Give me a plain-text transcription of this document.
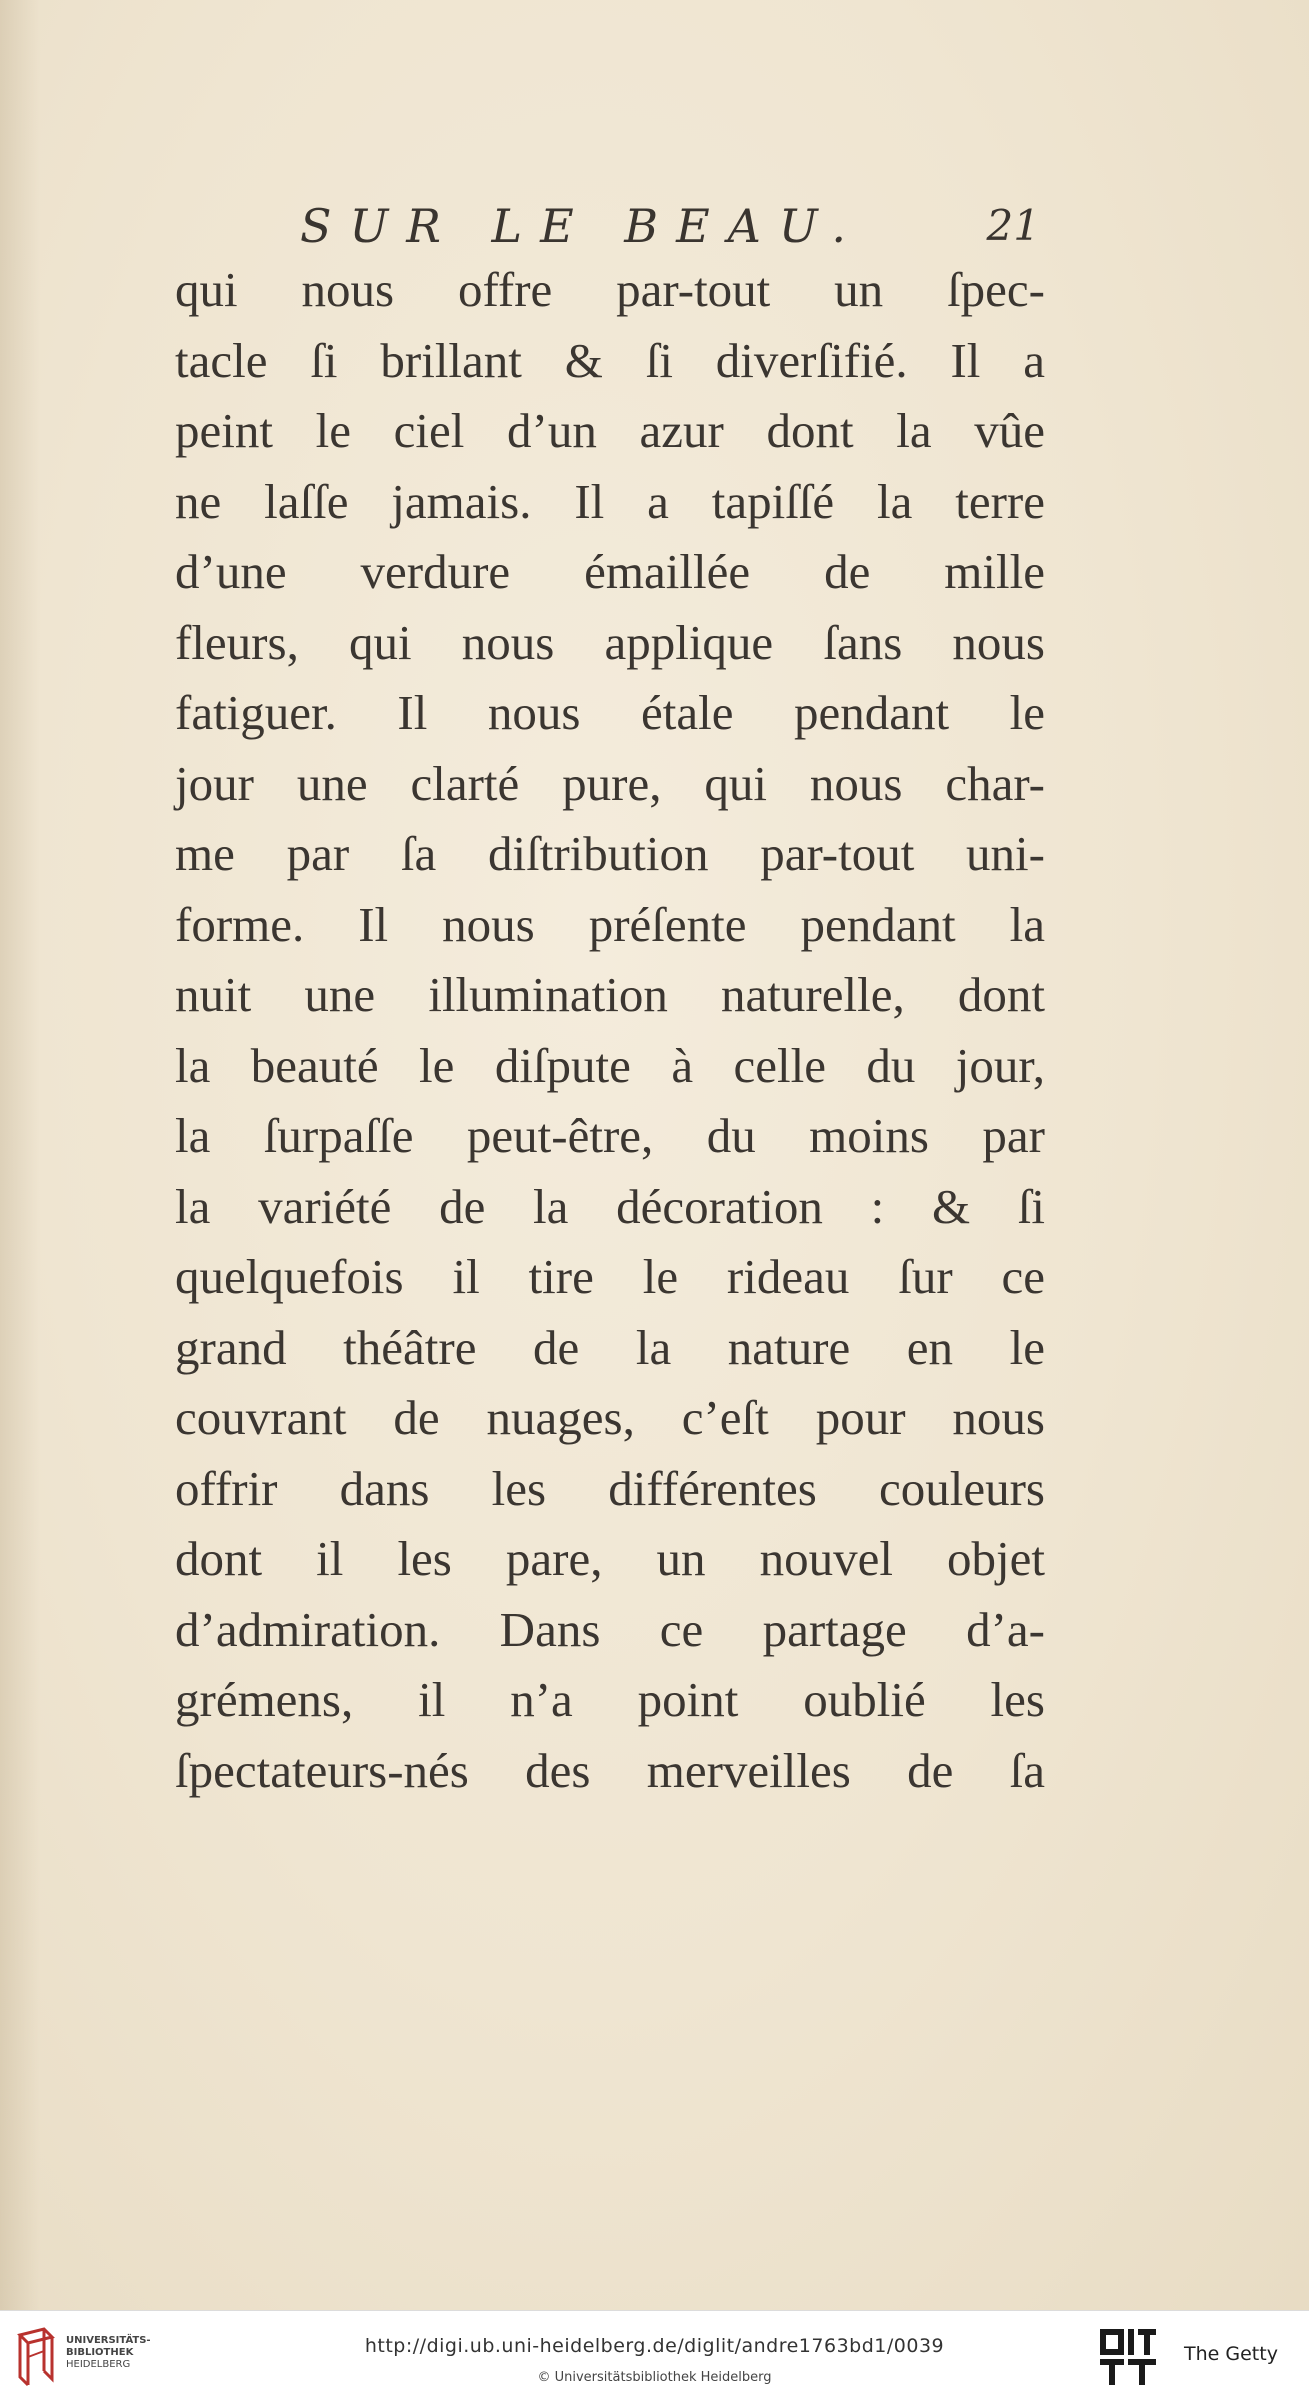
SUR LE BEAU.	21
qui nous offre par-tout un ſpec-
tacle ſi brillant & ſi diverſifié. Il a
peint le ciel d’un azur dont la vûe
ne laſſe jamais. Il a tapiſſé la terre
d’une verdure émaillée de mille
fleurs, qui nous applique ſans nous
fatiguer. Il nous étale pendant le
jour une clarté pure, qui nous char-
me par ſa diſtribution par-tout uni-
forme. Il nous préſente pendant la
nuit une illumination naturelle, dont
la beauté le diſpute à celle du jour,
la ſurpaſſe peut-être, du moins par
la variété de la décoration : & ſi
quelquefois il tire le rideau ſur ce
grand théâtre de la nature en le
couvrant de nuages, c’eſt pour nous
offrir dans les différentes couleurs
dont il les pare, un nouvel objet
d’admiration. Dans ce partage d’a-
grémens, il n’a point oublié les
ſpectateurs-nés des merveilles de ſa
UNIVERSITÄTS-
BIBLIOTHEK
HEIDELBERG
http://digi.ub.uni-heidelberg.de/diglit/andre1763bd1/0039
© Universitätsbibliothek Heidelberg
The Getty
